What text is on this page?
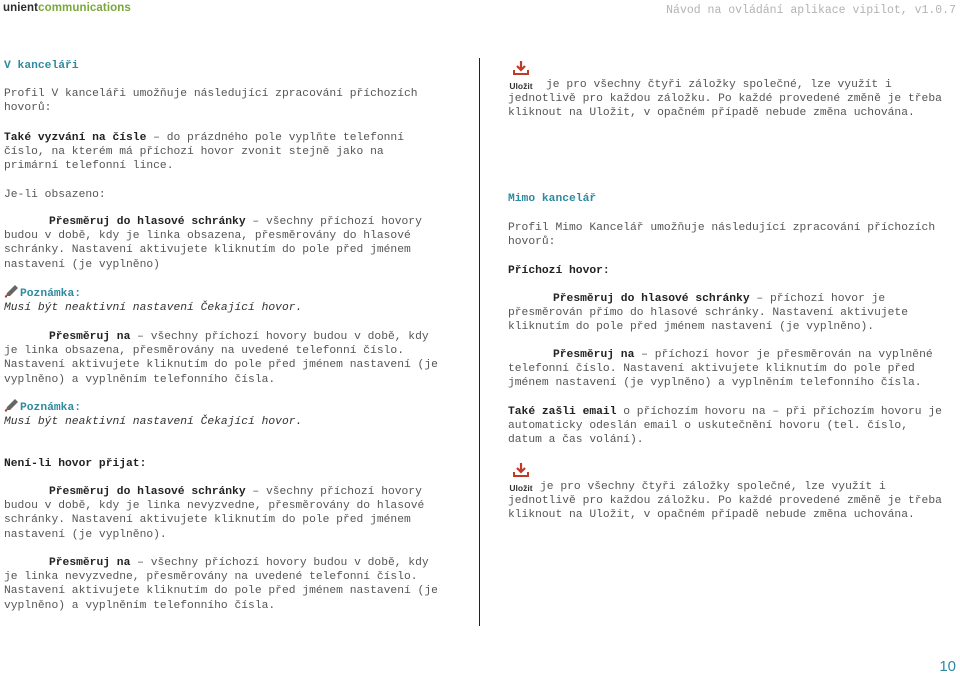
unientcommunications	Návod na ovládání aplikace vipilot, v1.0.7
V kanceláři
Profil V kanceláři umožňuje následující zpracování příchozích
hovorů:
Také vyzvání na čísle – do prázdného pole vyplňte telefonní
číslo, na kterém má příchozí hovor zvonit stejně jako na
primární telefonní lince.
Je-li obsazeno:
Přesměruj do hlasové schránky – všechny příchozí hovory
budou v době, kdy je linka obsazena, přesměrovány do hlasové
schránky. Nastavení aktivujete kliknutím do pole před jménem
nastavení (je vyplněno)
Poznámka:
Musí být neaktivní nastavení Čekající hovor.
Přesměruj na – všechny příchozí hovory budou v době, kdy
je linka obsazena, přesměrovány na uvedené telefonní číslo.
Nastavení aktivujete kliknutím do pole před jménem nastavení (je
vyplněno) a vyplněním telefonního čísla.
Poznámka:
Musí být neaktivní nastavení Čekající hovor.
Není-li hovor přijat:
Přesměruj do hlasové schránky – všechny příchozí hovory
budou v době, kdy je linka nevyzvedne, přesměrovány do hlasové
schránky. Nastavení aktivujete kliknutím do pole před jménem
nastavení (je vyplněno).
Přesměruj na – všechny příchozí hovory budou v době, kdy
je linka nevyzvedne, přesměrovány na uvedené telefonní číslo.
Nastavení aktivujete kliknutím do pole před jménem nastavení (je
vyplněno) a vyplněním telefonního čísla.
Uložit	je pro všechny čtyři záložky společné, lze využít i
jednotlivě pro každou záložku. Po každé provedené změně je třeba
kliknout na Uložit, v opačném případě nebude změna uchována.
Mimo kancelář
Profil Mimo Kancelář umožňuje následující zpracování příchozích
hovorů:
Příchozí hovor:
Přesměruj do hlasové schránky – příchozí hovor je
přesměrován přímo do hlasové schránky. Nastavení aktivujete
kliknutím do pole před jménem nastavení (je vyplněno).
Přesměruj na – příchozí hovor je přesměrován na vyplněné
telefonní číslo. Nastavení aktivujete kliknutím do pole před
jménem nastavení (je vyplněno) a vyplněním telefonního čísla.
Také zašli email o příchozím hovoru na – při příchozím hovoru je
automaticky odeslán email o uskutečnění hovoru (tel. číslo,
datum a čas volání).
Uložit je pro všechny čtyři záložky společné, lze využít i
jednotlivě pro každou záložku. Po každé provedené změně je třeba
kliknout na Uložit, v opačném případě nebude změna uchována.
10
